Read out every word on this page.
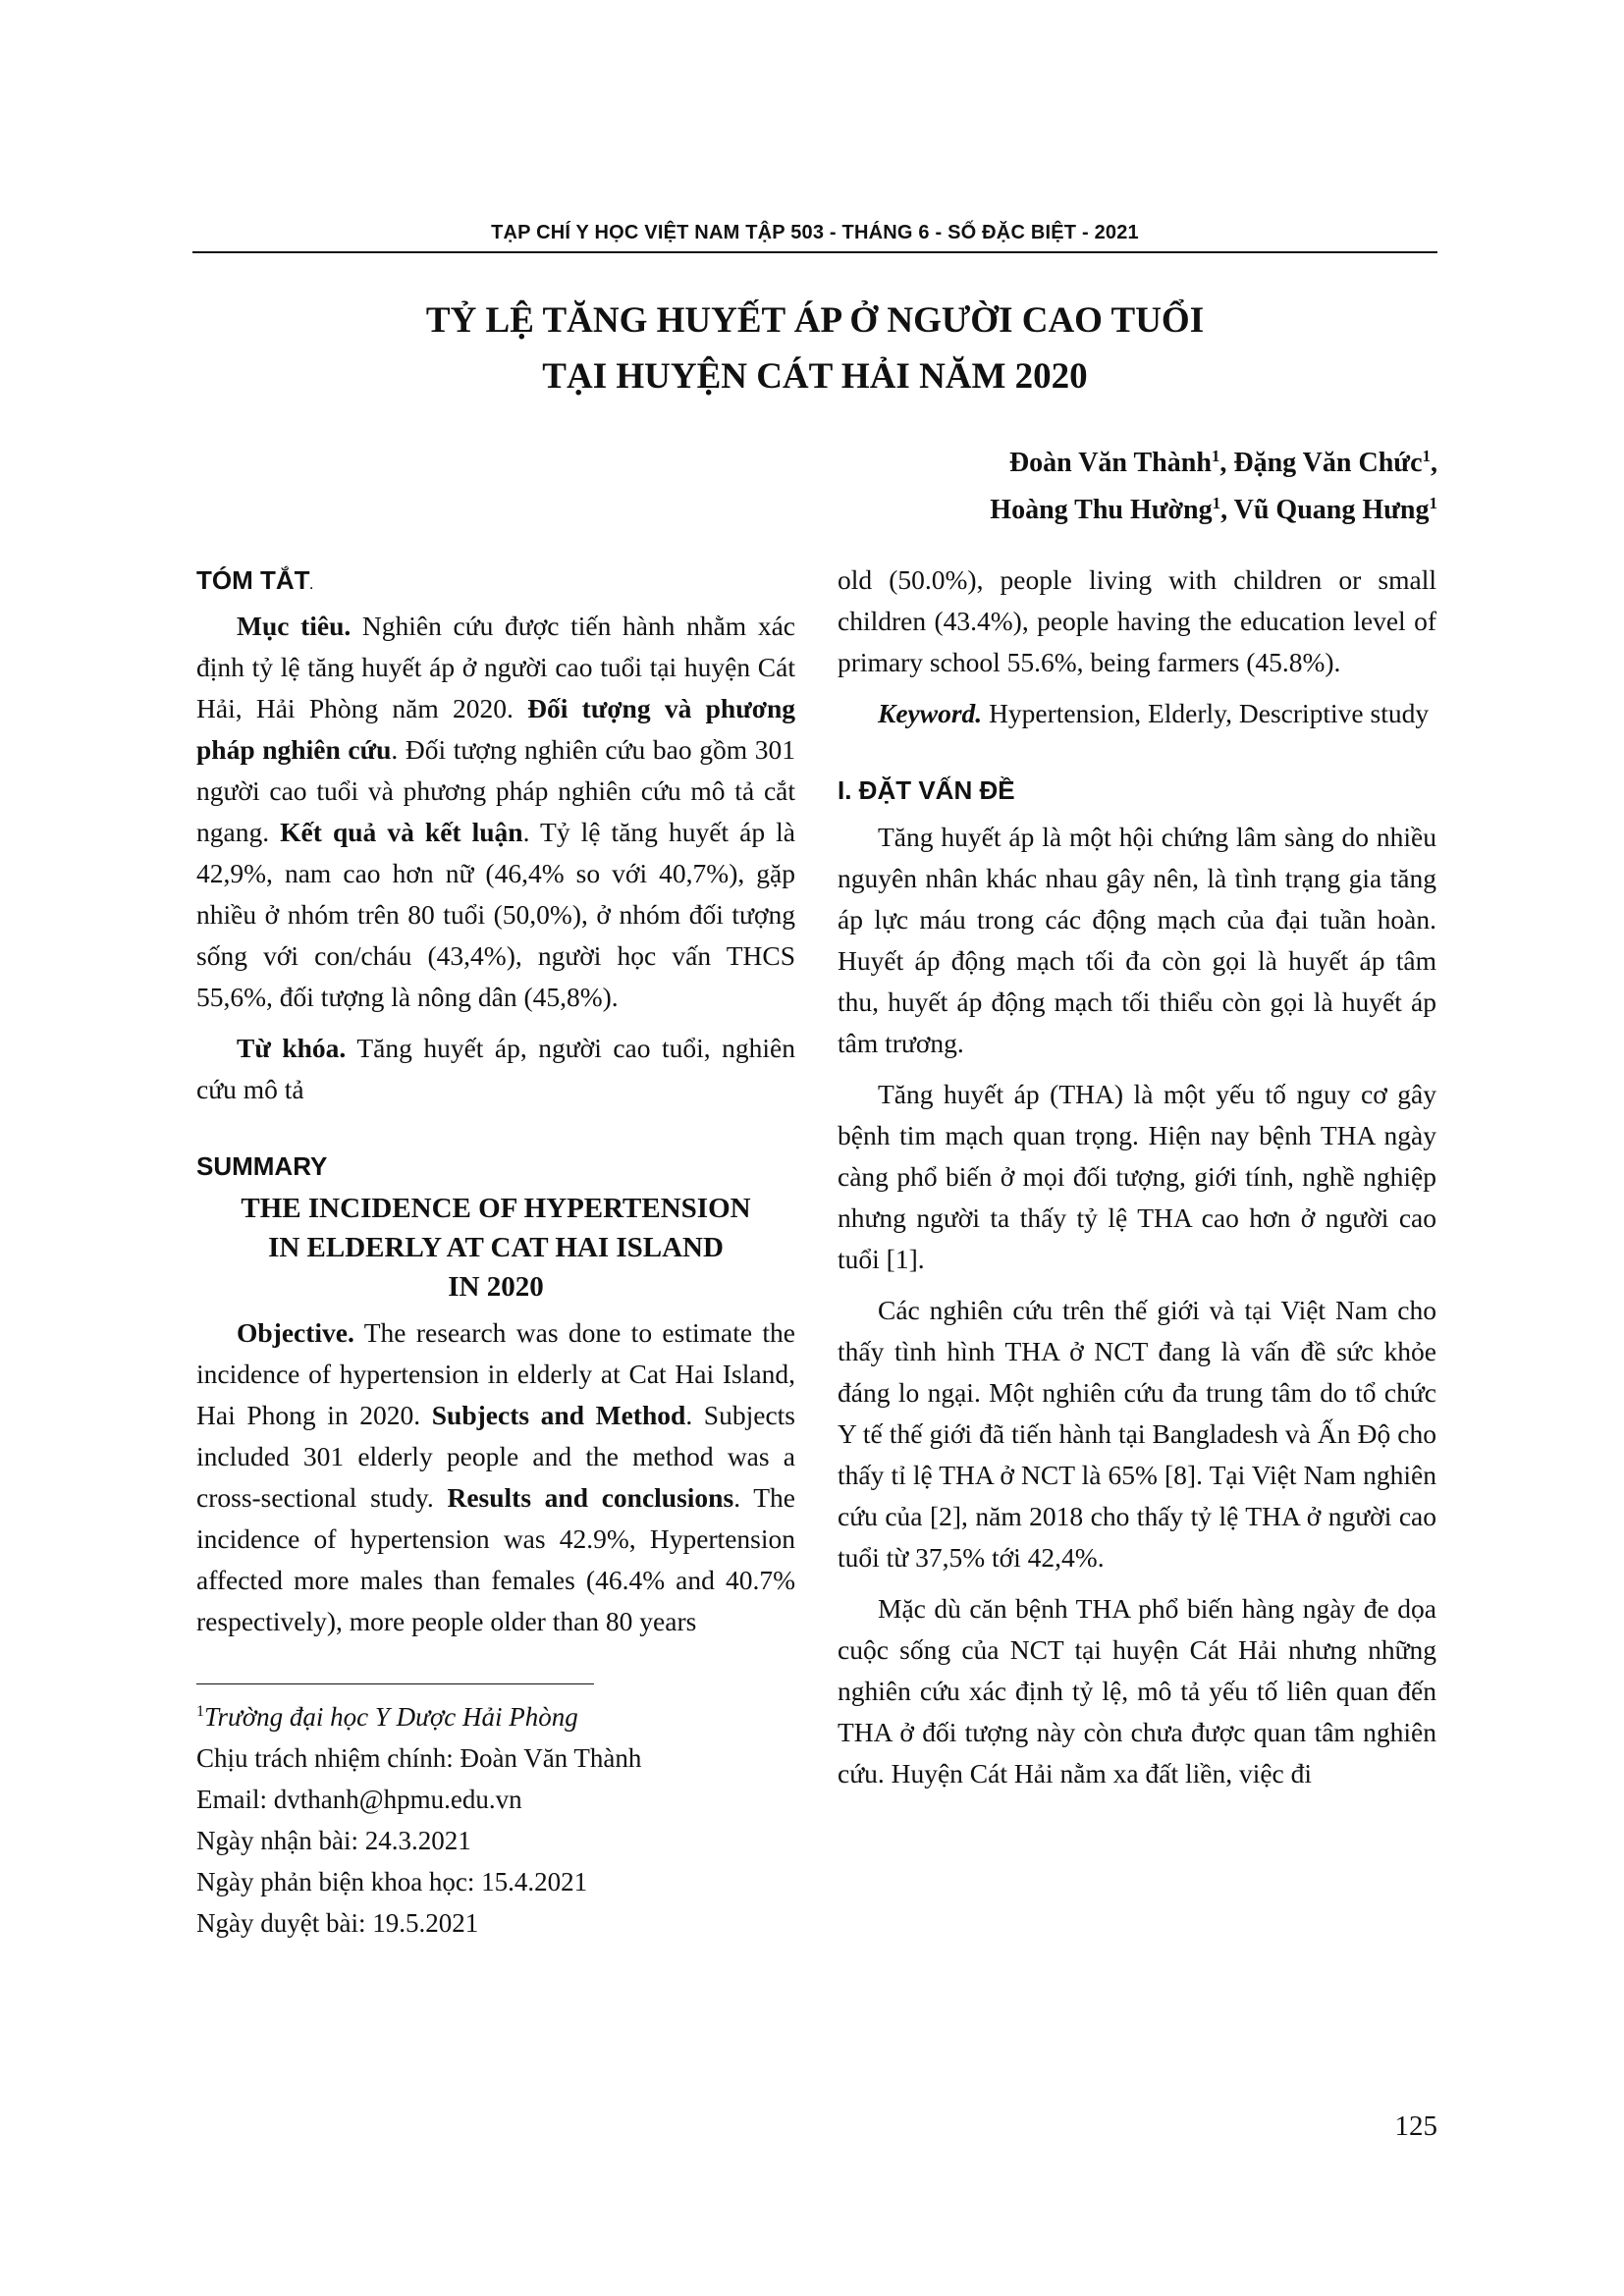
TẠP CHÍ Y HỌC VIỆT NAM TẬP 503 - THÁNG 6 - SỐ ĐẶC BIỆT - 2021
TỶ LỆ TĂNG HUYẾT ÁP Ở NGƯỜI CAO TUỔI
TẠI HUYỆN CÁT HẢI NĂM 2020
Đoàn Văn Thành$^1$, Đặng Văn Chức$^1$,
Hoàng Thu Hường$^1$, Vũ Quang Hưng$^1$
TÓM TẮT.

Mục tiêu. Nghiên cứu được tiến hành nhằm xác định tỷ lệ tăng huyết áp ở người cao tuổi tại huyện Cát Hải, Hải Phòng năm 2020. Đối tượng và phương pháp nghiên cứu. Đối tượng nghiên cứu bao gồm 301 người cao tuổi và phương pháp nghiên cứu mô tả cắt ngang. Kết quả và kết luận. Tỷ lệ tăng huyết áp là 42,9%, nam cao hơn nữ (46,4% so với 40,7%), gặp nhiều ở nhóm trên 80 tuổi (50,0%), ở nhóm đối tượng sống với con/cháu (43,4%), người học vấn THCS 55,6%, đối tượng là nông dân (45,8%).

Từ khóa. Tăng huyết áp, người cao tuổi, nghiên cứu mô tả

SUMMARY
THE INCIDENCE OF HYPERTENSION
IN ELDERLY AT CAT HAI ISLAND
IN 2020

Objective. The research was done to estimate the incidence of hypertension in elderly at Cat Hai Island, Hai Phong in 2020. Subjects and Method. Subjects included 301 elderly people and the method was a cross-sectional study. Results and conclusions. The incidence of hypertension was 42.9%, Hypertension affected more males than females (46.4% and 40.7% respectively), more people older than 80 years

$^1$Trường đại học Y Dược Hải Phòng
Chịu trách nhiệm chính: Đoàn Văn Thành
Email: dvthanh@hpmu.edu.vn
Ngày nhận bài: 24.3.2021
Ngày phản biện khoa học: 15.4.2021
Ngày duyệt bài: 19.5.2021

old (50.0%), people living with children or small children (43.4%), people having the education level of primary school 55.6%, being farmers (45.8%).

Keyword. Hypertension, Elderly, Descriptive study

I. ĐẶT VẤN ĐỀ

Tăng huyết áp là một hội chứng lâm sàng do nhiều nguyên nhân khác nhau gây nên, là tình trạng gia tăng áp lực máu trong các động mạch của đại tuần hoàn. Huyết áp động mạch tối đa còn gọi là huyết áp tâm thu, huyết áp động mạch tối thiểu còn gọi là huyết áp tâm trương.

Tăng huyết áp (THA) là một yếu tố nguy cơ gây bệnh tim mạch quan trọng. Hiện nay bệnh THA ngày càng phổ biến ở mọi đối tượng, giới tính, nghề nghiệp nhưng người ta thấy tỷ lệ THA cao hơn ở người cao tuổi [1].

Các nghiên cứu trên thế giới và tại Việt Nam cho thấy tình hình THA ở NCT đang là vấn đề sức khỏe đáng lo ngại. Một nghiên cứu đa trung tâm do tổ chức Y tế thế giới đã tiến hành tại Bangladesh và Ấn Độ cho thấy tỉ lệ THA ở NCT là 65% [8]. Tại Việt Nam nghiên cứu của [2], năm 2018 cho thấy tỷ lệ THA ở người cao tuổi từ 37,5% tới 42,4%.

Mặc dù căn bệnh THA phổ biến hàng ngày đe dọa cuộc sống của NCT tại huyện Cát Hải nhưng những nghiên cứu xác định tỷ lệ, mô tả yếu tố liên quan đến THA ở đối tượng này còn chưa được quan tâm nghiên cứu. Huyện Cát Hải nằm xa đất liền, việc đi

125
